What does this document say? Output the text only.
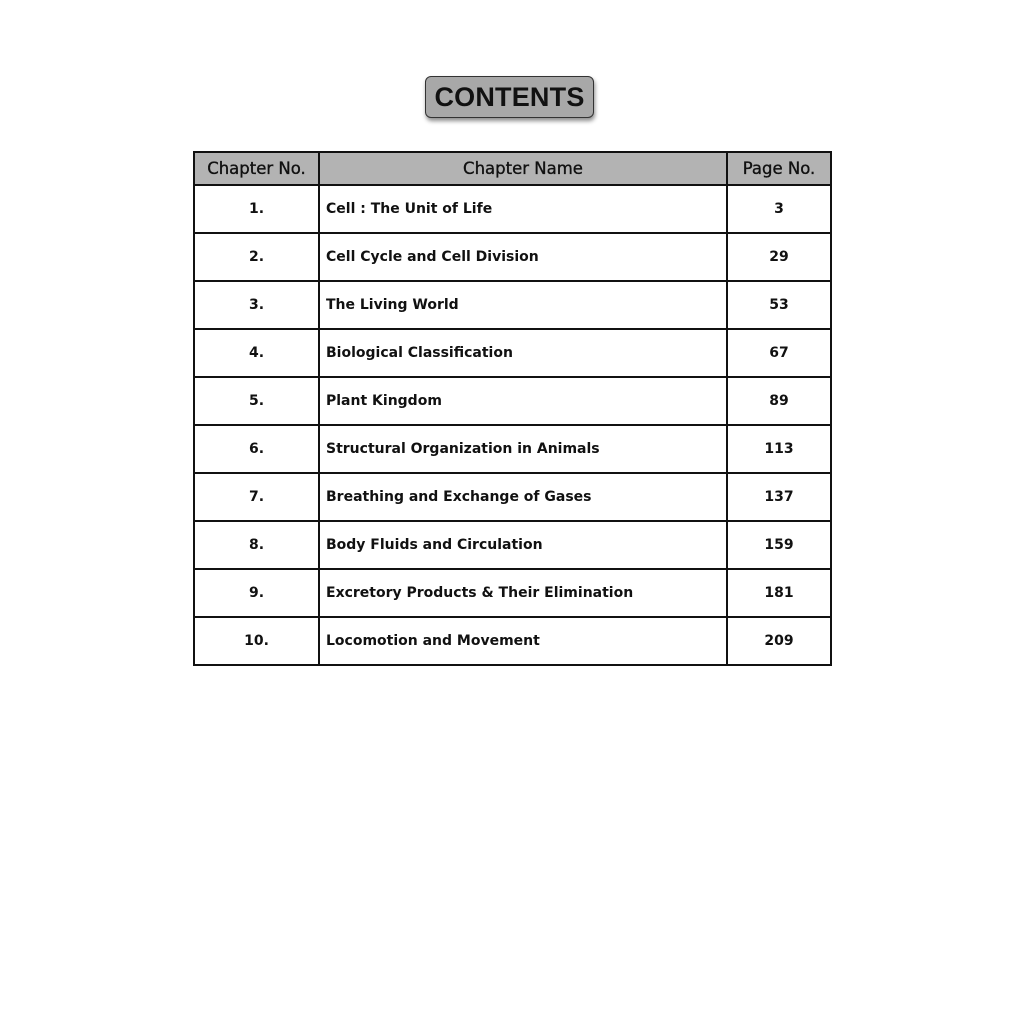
CONTENTS
Chapter No.	Chapter Name	Page No.
1.	Cell : The Unit of Life	3
2.	Cell Cycle and Cell Division	29
3.	The Living World	53
4.	Biological Classification	67
5.	Plant Kingdom	89
6.	Structural Organization in Animals	113
7.	Breathing and Exchange of Gases	137
8.	Body Fluids and Circulation	159
9.	Excretory Products & Their Elimination	181
10.	Locomotion and Movement	209
